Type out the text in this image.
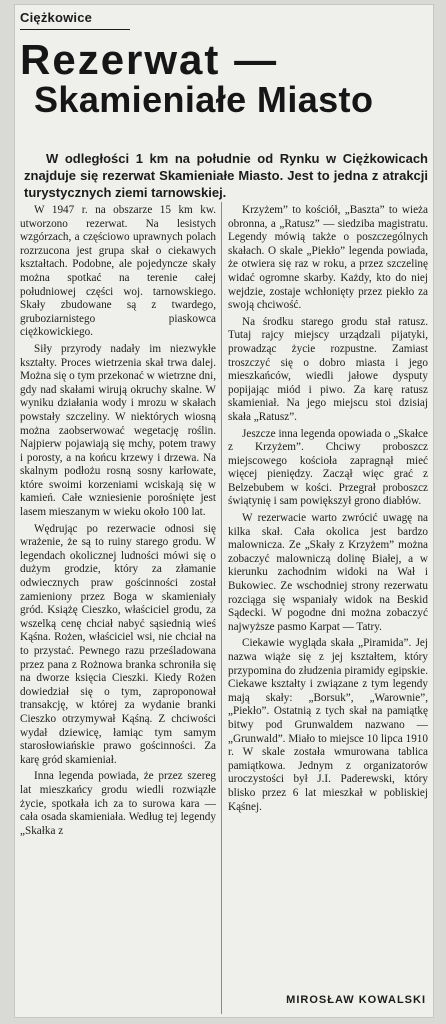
Ciężkowice
Rezerwat —
Skamieniałe Miasto
W odległości 1 km na południe od Rynku w Ciężkowicach znajduje się rezerwat Skamieniałe Miasto. Jest to jedna z atrakcji turystycznych ziemi tarnowskiej.

W 1947 r. na obszarze 15 km kw. utworzono rezerwat. Na lesistych wzgórzach, a częściowo uprawnych polach rozrzucona jest grupa skał o ciekawych kształtach. Podobne, ale pojedyncze skały można spotkać na terenie całej południowej części woj. tarnowskiego. Skały zbudowane są z twardego, gruboziarnistego piaskowca ciężkowickiego.

Siły przyrody nadały im niezwykłe kształty. Proces wietrzenia skał trwa dalej. Można się o tym przekonać w wietrzne dni, gdy nad skałami wirują okruchy skalne. W wyniku działania wody i mrozu w skałach powstały szczeliny. W niektórych wiosną można zaobserwować wegetację roślin. Najpierw pojawiają się mchy, potem trawy i porosty, a na końcu krzewy i drzewa. Na skalnym podłożu rosną sosny karłowate, które swoimi korzeniami wciskają się w kamień. Całe wzniesienie porośnięte jest lasem mieszanym w wieku około 100 lat.

Wędrując po rezerwacie odnosi się wrażenie, że są to ruiny starego grodu. W legendach okolicznej ludności mówi się o dużym grodzie, który za złamanie odwiecznych praw gościnności został zamieniony przez Boga w skamieniały gród. Książę Cieszko, właściciel grodu, za wszelką cenę chciał nabyć sąsiednią wieś Kąśna. Rożen, właściciel wsi, nie chciał na to przystać. Pewnego razu prześladowana przez pana z Rożnowa branka schroniła się na dworze księcia Cieszki. Kiedy Rożen dowiedział się o tym, zaproponował transakcję, w której za wydanie branki Cieszko otrzymywał Kąśną. Z chciwości wydał dziewicę, łamiąc tym samym starosłowiańskie prawo gościnności. Za karę gród skamieniał.

Inna legenda powiada, że przez szereg lat mieszkańcy grodu wiedli rozwiązłe życie, spotkała ich za to surowa kara — cała osada skamieniała. Według tej legendy „Skałka z

Krzyżem” to kościół, „Baszta” to wieża obronna, a „Ratusz” — siedziba magistratu. Legendy mówią także o poszczególnych skałach. O skale „Piekło” legenda powiada, że otwiera się raz w roku, a przez szczelinę widać ogromne skarby. Każdy, kto do niej wejdzie, zostaje wchłonięty przez piekło za swoją chciwość.

Na środku starego grodu stał ratusz. Tutaj rajcy miejscy urządzali pijatyki, prowadząc życie rozpustne. Zamiast troszczyć się o dobro miasta i jego mieszkańców, wiedli jałowe dysputy popijając miód i piwo. Za karę ratusz skamieniał. Na jego miejscu stoi dzisiaj skała „Ratusz”.

Jeszcze inna legenda opowiada o „Skałce z Krzyżem”. Chciwy proboszcz miejscowego kościoła zapragnął mieć więcej pieniędzy. Zaczął więc grać z Belzebubem w kości. Przegrał proboszcz świątynię i sam powiększył grono diabłów.

W rezerwacie warto zwrócić uwagę na kilka skał. Cała okolica jest bardzo malownicza. Ze „Skały z Krzyżem” można zobaczyć malowniczą dolinę Białej, a w kierunku zachodnim widoki na Wał i Bukowiec. Ze wschodniej strony rezerwatu rozciąga się wspaniały widok na Beskid Sądecki. W pogodne dni można zobaczyć najwyższe pasmo Karpat — Tatry.

Ciekawie wygląda skała „Piramida”. Jej nazwa wiąże się z jej kształtem, który przypomina do złudzenia piramidy egipskie. Ciekawe kształty i związane z tym legendy mają skały: „Borsuk”, „Warownie”, „Piekło”. Ostatnią z tych skał na pamiątkę bitwy pod Grunwaldem nazwano — „Grunwald”. Miało to miejsce 10 lipca 1910 r. W skale została wmurowana tablica pamiątkowa. Jednym z organizatorów uroczystości był J.I. Paderewski, który blisko przez 6 lat mieszkał w pobliskiej Kąśnej.

MIROSŁAW KOWALSKI
